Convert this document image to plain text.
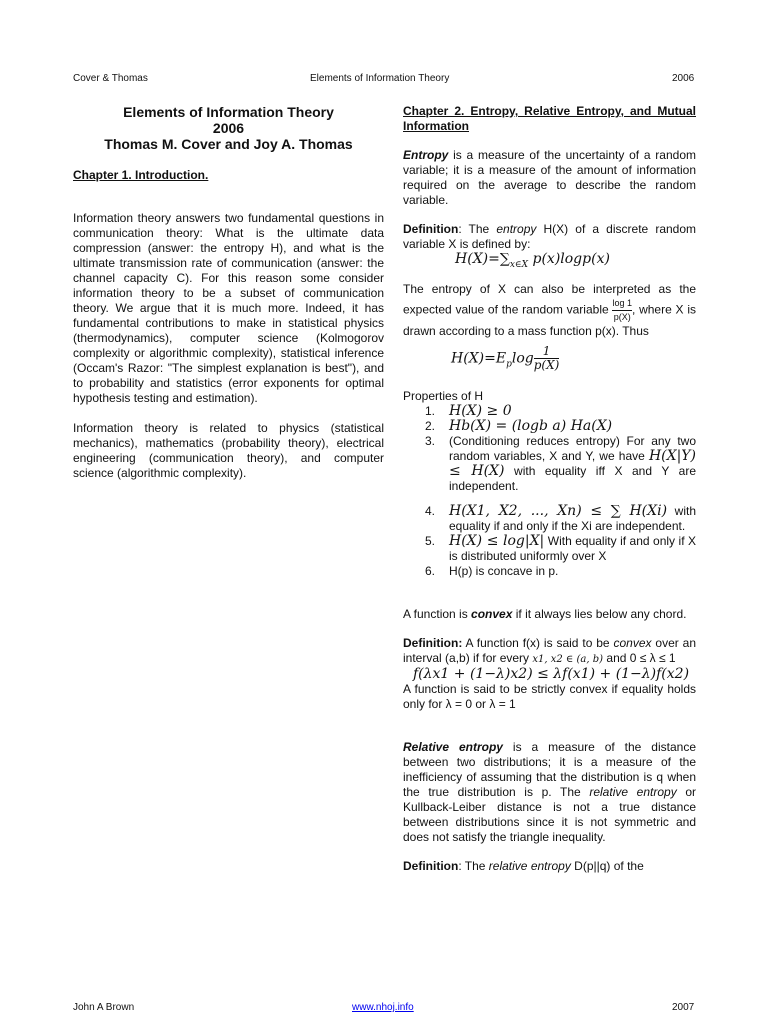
Cover & Thomas	Elements of Information Theory	2006

Elements of Information Theory

2006

Thomas M. Cover and Joy A. Thomas

Chapter 1. Introduction.

Information theory answers two fundamental questions in communication theory: What is the ultimate data compression (answer: the entropy H), and what is the ultimate transmission rate of communication (answer: the channel capacity C). For this reason some consider information theory to be a subset of communication theory. We argue that it is much more. Indeed, it has fundamental contributions to make in statistical physics (thermodynamics), computer science (Kolmogorov complexity or algorithmic complexity), statistical inference (Occam's Razor: "The simplest explanation is best"), and to probability and statistics (error exponents for optimal hypothesis testing and estimation).

Information theory is related to physics (statistical mechanics), mathematics (probability theory), electrical engineering (communication theory), and computer science (algorithmic complexity).

Chapter 2. Entropy, Relative Entropy, and Mutual Information

Entropy is a measure of the uncertainty of a random variable; it is a measure of the amount of information required on the average to describe the random variable.

Definition: The entropy H(X) of a discrete random variable X is defined by:

$H(X)=\sum_{x\in X}$ p(x)logp(x)

The entropy of X can also be interpreted as the expected value of the random variable $\frac{\log 1}{p(X)}$ , where X is drawn according to a mass function p(x). Thus

$H(X)=E_p\log \frac{1}{p(X)}$

Properties of H

1. H(X) ≥ 0
2. Hb(X) = (logb a) Ha(X)
3. (Conditioning reduces entropy) For any two random variables, X and Y, we have H(X|Y) ≤ H(X) with equality iff X and Y are independent.
4. H(X1, X2, ..., Xn) ≤ ∑ H(Xi) with equality if and only if the Xi are independent.
5. H(X) ≤ log|X| With equality if and only if X is distributed uniformly over X
6. H(p) is concave in p.

A function is convex if it always lies below any chord.

Definition: A function f(x) is said to be convex over an interval (a,b) if for every x1, x2 ∈ (a, b) and 0 ≤ λ ≤ 1

f(λx1 + (1−λ)x2) ≤ λf(x1) + (1−λ)f(x2)

A function is said to be strictly convex if equality holds only for λ = 0 or λ = 1

Relative entropy is a measure of the distance between two distributions; it is a measure of the inefficiency of assuming that the distribution is q when the true distribution is p. The relative entropy or Kullback-Leiber distance is not a true distance between distributions since it is not symmetric and does not satisfy the triangle inequality.

Definition: The relative entropy D(p||q) of the

John A Brown	www.nhoj.info	2007
